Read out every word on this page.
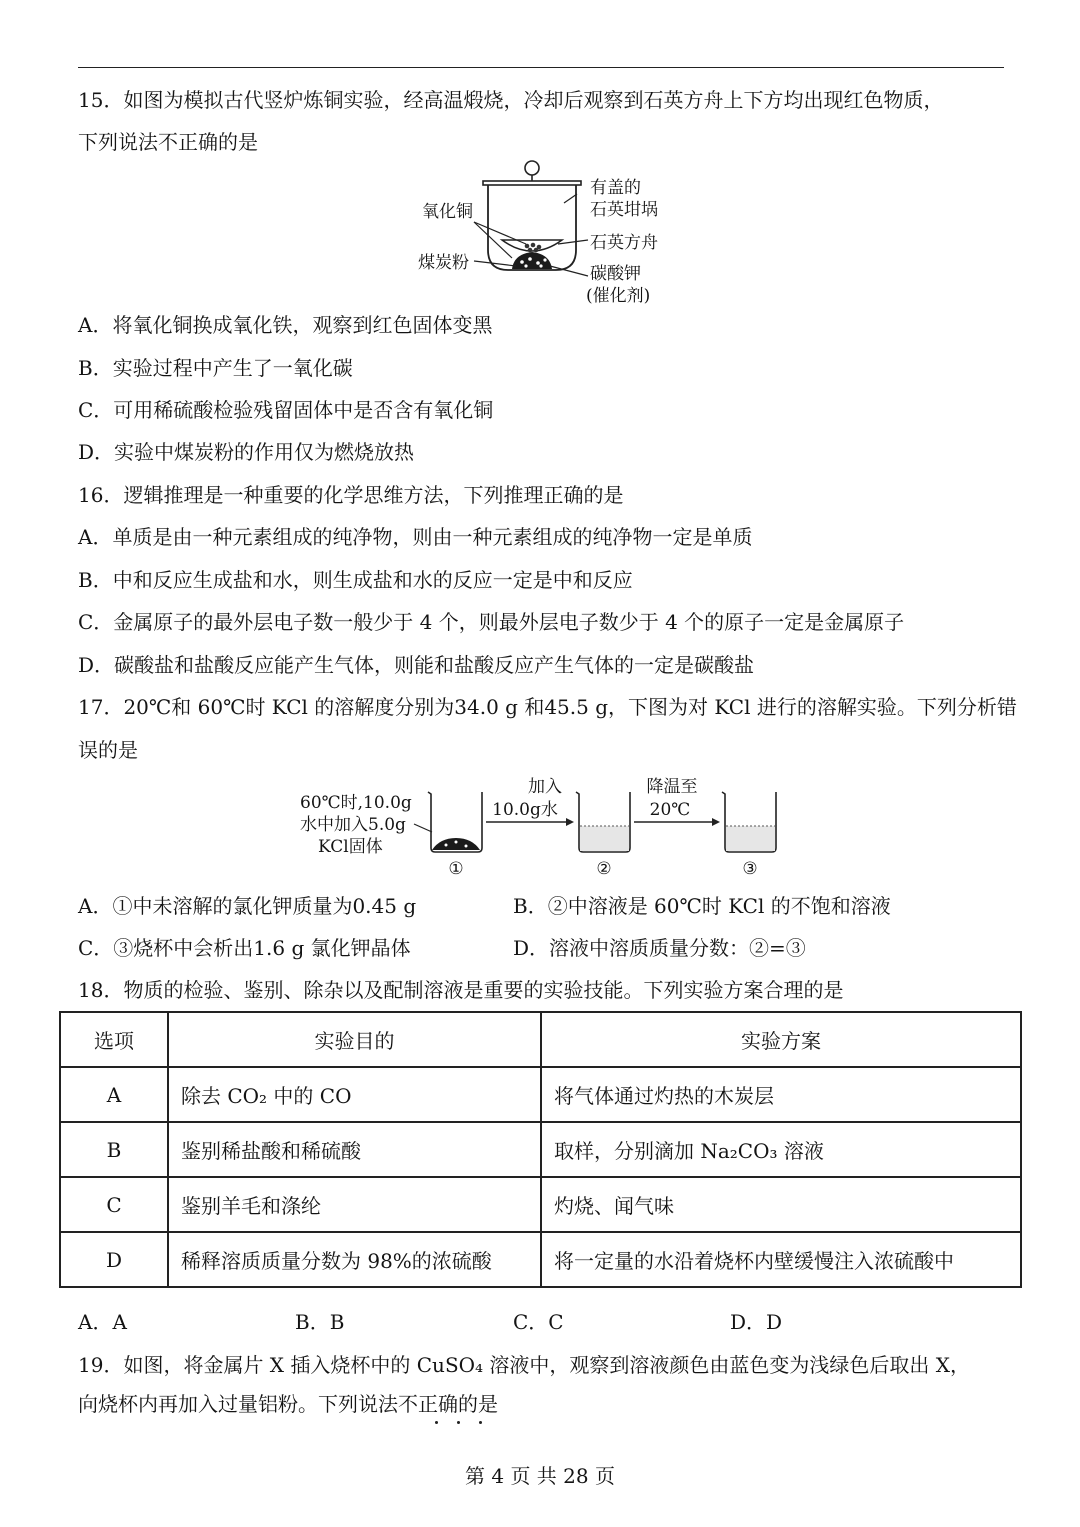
15．如图为模拟古代竖炉炼铜实验，经高温煅烧，冷却后观察到石英方舟上下方均出现红色物质，
下列说法不正确的是
氧化铜
煤炭粉
有盖的
石英坩埚
石英方舟
碳酸钾
(催化剂)
A．将氧化铜换成氧化铁，观察到红色固体变黑
B．实验过程中产生了一氧化碳
C．可用稀硫酸检验残留固体中是否含有氧化铜
D．实验中煤炭粉的作用仅为燃烧放热
16．逻辑推理是一种重要的化学思维方法，下列推理正确的是
A．单质是由一种元素组成的纯净物，则由一种元素组成的纯净物一定是单质
B．中和反应生成盐和水，则生成盐和水的反应一定是中和反应
C．金属原子的最外层电子数一般少于 4 个，则最外层电子数少于 4 个的原子一定是金属原子
D．碳酸盐和盐酸反应能产生气体，则能和盐酸反应产生气体的一定是碳酸盐
17．20℃和 60℃时 KCl 的溶解度分别为34.0 g 和45.5 g，下图为对 KCl 进行的溶解实验。下列分析错
误的是
60℃时,10.0g
水中加入5.0g
KCl固体
①
加入
10.0g水
②
降温至
20℃
③
A．①中未溶解的氯化钾质量为0.45 g	B．②中溶液是 60℃时 KCl 的不饱和溶液
C．③烧杯中会析出1.6 g 氯化钾晶体	D．溶液中溶质质量分数：②=③
18．物质的检验、鉴别、除杂以及配制溶液是重要的实验技能。下列实验方案合理的是
选项	实验目的	实验方案
A	除去 CO₂ 中的 CO	将气体通过灼热的木炭层
B	鉴别稀盐酸和稀硫酸	取样，分别滴加 Na₂CO₃ 溶液
C	鉴别羊毛和涤纶	灼烧、闻气味
D	稀释溶质质量分数为 98%的浓硫酸	将一定量的水沿着烧杯内壁缓慢注入浓硫酸中
A．A	B．B	C．C	D．D
19．如图，将金属片 X 插入烧杯中的 CuSO₄ 溶液中，观察到溶液颜色由蓝色变为浅绿色后取出 X，
向烧杯内再加入过量铝粉。下列说法不正确的是
第 4 页 共 28 页
